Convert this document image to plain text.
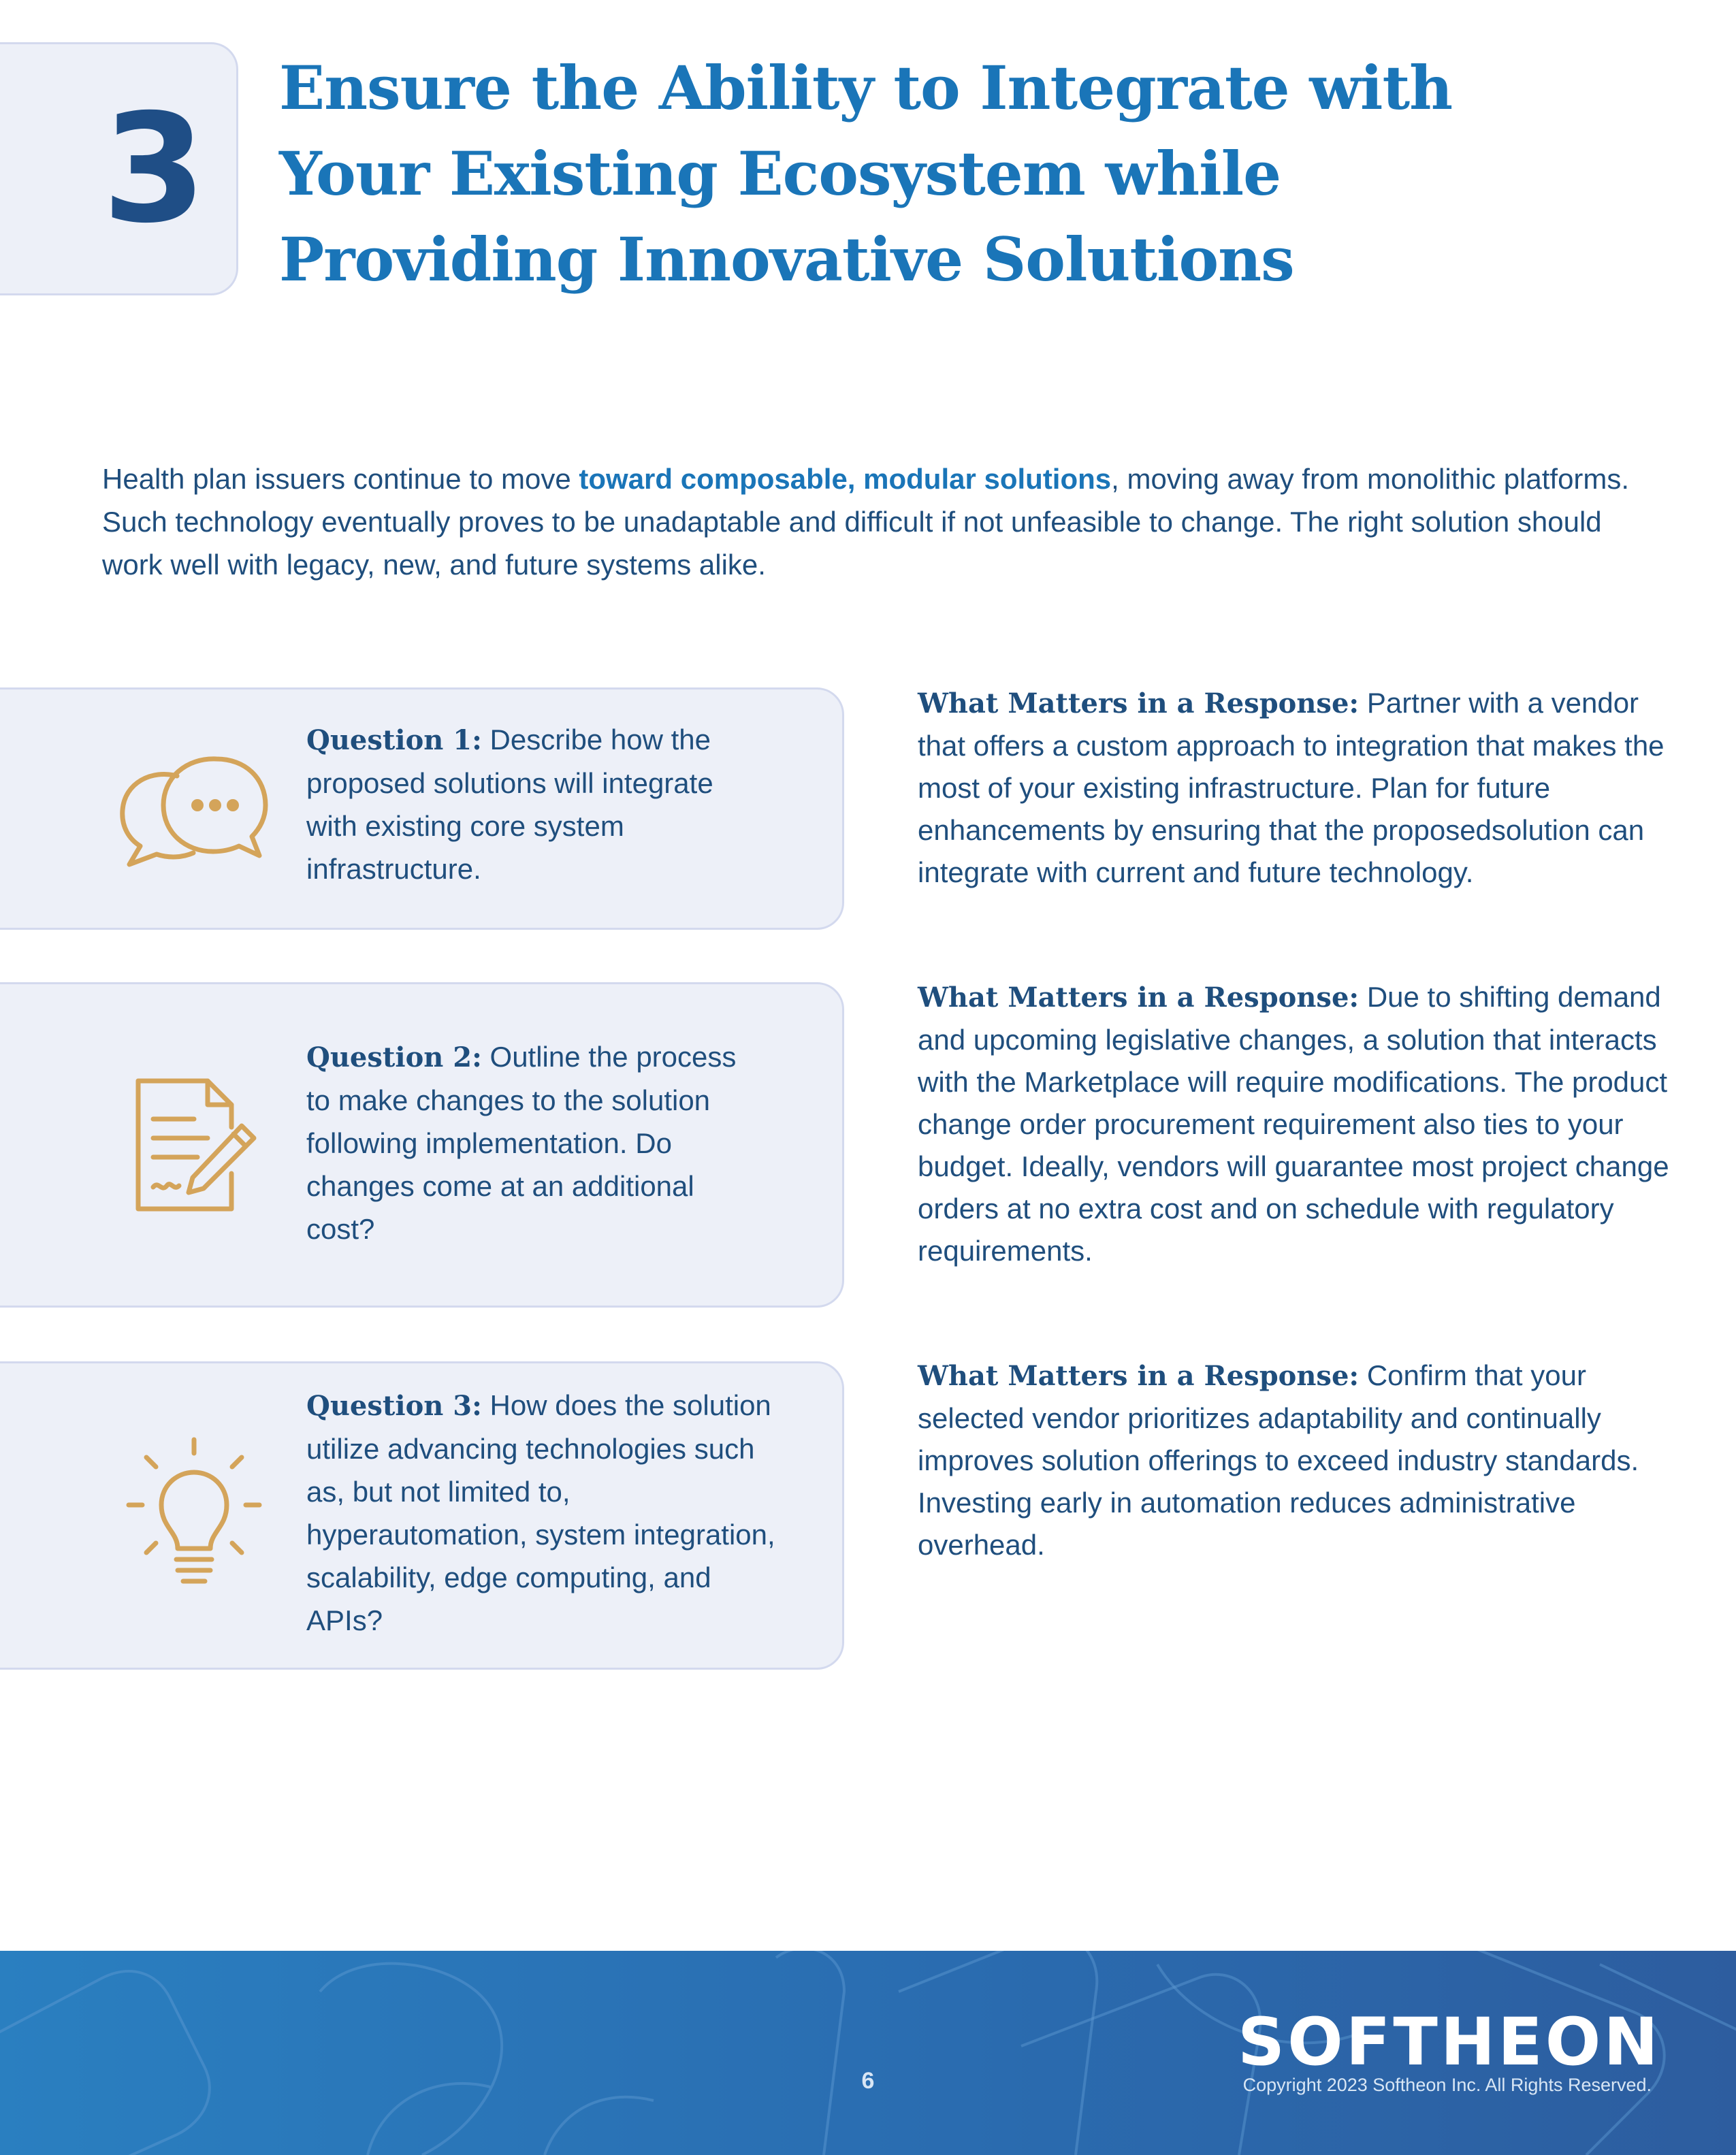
3 Ensure the Ability to Integrate with Your Existing Ecosystem while Providing Innovative Solutions

Health plan issuers continue to move toward composable, modular solutions, moving away from monolithic platforms. Such technology eventually proves to be unadaptable and difficult if not unfeasible to change. The right solution should work well with legacy, new, and future systems alike.

Question 1: Describe how the proposed solutions will integrate with existing core system infrastructure.

Question 2: Outline the process to make changes to the solution following implementation. Do changes come at an additional cost?

Question 3: How does the solution utilize advancing technologies such as, but not limited to, hyperautomation, system integration, scalability, edge computing, and APIs?

What Matters in a Response: Partner with a vendor that offers a custom approach to integration that makes the most of your existing infrastructure. Plan for future enhancements by ensuring that the proposedsolution can integrate with current and future technology.

What Matters in a Response: Due to shifting demand and upcoming legislative changes, a solution that interacts with the Marketplace will require modifications. The product change order procurement requirement also ties to your budget. Ideally, vendors will guarantee most project change orders at no extra cost and on schedule with regulatory requirements.

What Matters in a Response: Confirm that your selected vendor prioritizes adaptability and continually improves solution offerings to exceed industry standards. Investing early in automation reduces administrative overhead.

6
SOFTHEON
Copyright 2023 Softheon Inc. All Rights Reserved.
